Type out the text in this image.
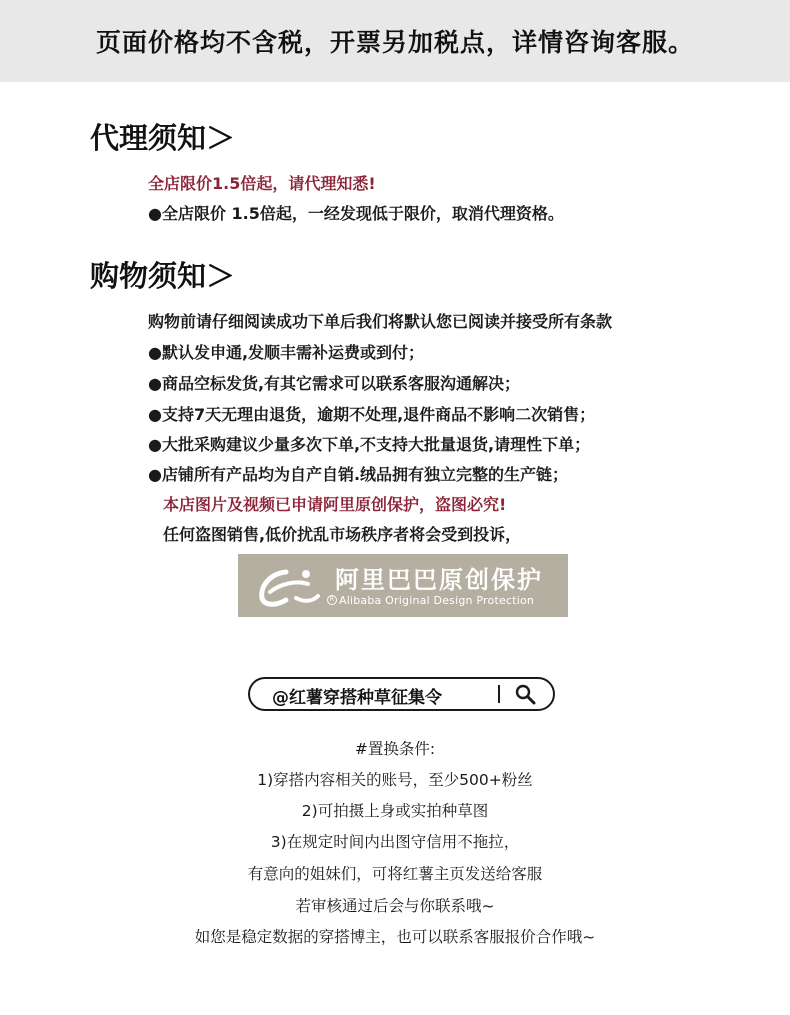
页面价格均不含税，开票另加税点，详情咨询客服。
代理须知＞
全店限价1.5倍起，请代理知悉!
●全店限价 1.5倍起，一经发现低于限价，取消代理资格。
购物须知＞
购物前请仔细阅读成功下单后我们将默认您已阅读并接受所有条款
●默认发申通,发顺丰需补运费或到付；
●商品空标发货,有其它需求可以联系客服沟通解决；
●支持7天无理由退货，逾期不处理,退件商品不影响二次销售；
●大批采购建议少量多次下单,不支持大批量退货,请理性下单；
●店铺所有产品均为自产自销.绒品拥有独立完整的生产链；
本店图片及视频已申请阿里原创保护，盗图必究!
任何盗图销售,低价扰乱市场秩序者将会受到投诉，
R
阿里巴巴原创保护
Alibaba Original Design Protection
@红薯穿搭种草征集令
#置换条件:
1)穿搭内容相关的账号，至少500+粉丝
2)可拍摄上身或实拍种草图
3)在规定时间内出图守信用不拖拉，
有意向的姐妹们，可将红薯主页发送给客服
若审核通过后会与你联系哦~
如您是稳定数据的穿搭博主，也可以联系客服报价合作哦~
